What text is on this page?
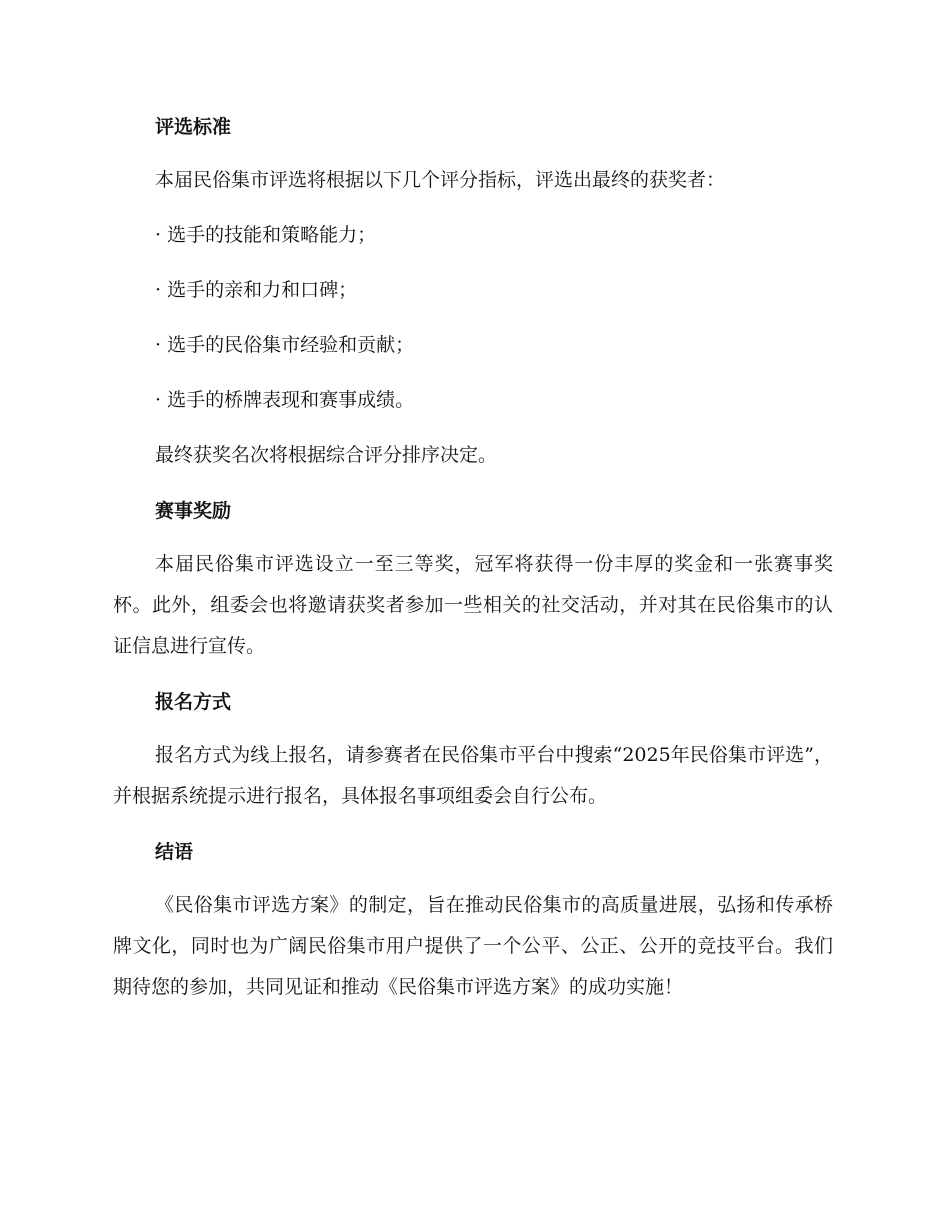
评选标准

本届民俗集市评选将根据以下几个评分指标，评选出最终的获奖者：

· 选手的技能和策略能力；

· 选手的亲和力和口碑；

· 选手的民俗集市经验和贡献；

· 选手的桥牌表现和赛事成绩。

最终获奖名次将根据综合评分排序决定。

赛事奖励

本届民俗集市评选设立一至三等奖，冠军将获得一份丰厚的奖金和一张赛事奖杯。此外，组委会也将邀请获奖者参加一些相关的社交活动，并对其在民俗集市的认证信息进行宣传。

报名方式

报名方式为线上报名，请参赛者在民俗集市平台中搜索“2025年民俗集市评选”，并根据系统提示进行报名，具体报名事项组委会自行公布。

结语

《民俗集市评选方案》的制定，旨在推动民俗集市的高质量进展，弘扬和传承桥牌文化，同时也为广阔民俗集市用户提供了一个公平、公正、公开的竞技平台。我们期待您的参加，共同见证和推动《民俗集市评选方案》的成功实施！
